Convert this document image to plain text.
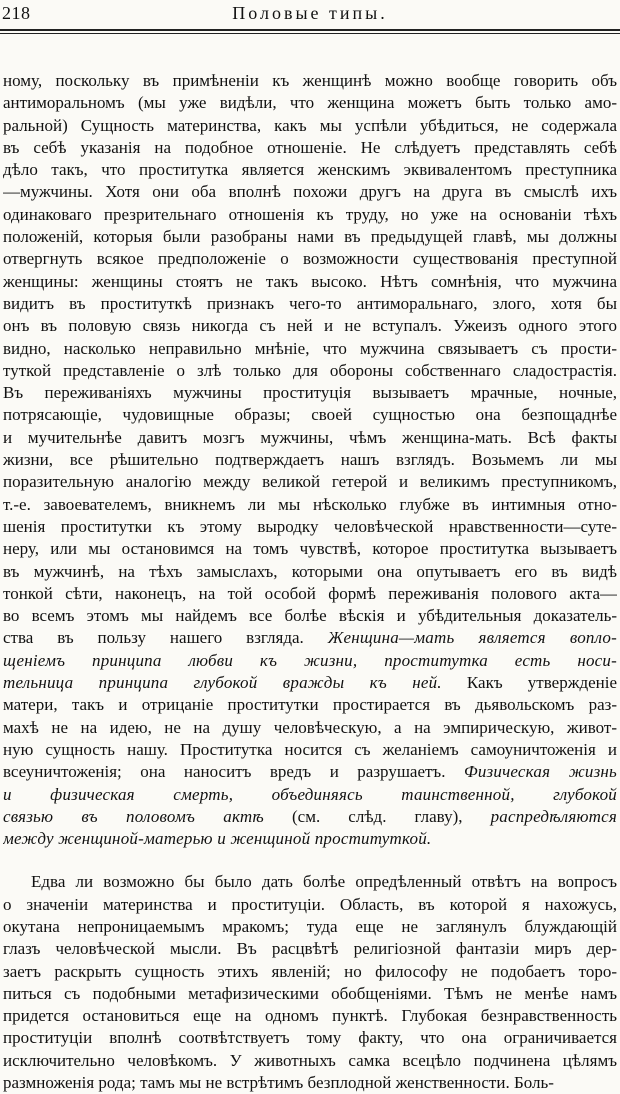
218	Половые типы.
ному, поскольку въ примѣненіи къ женщинѣ можно вообще говорить объ
антиморальномъ (мы уже видѣли, что женщина можетъ быть только амо-
ральной) Сущность материнства, какъ мы успѣли убѣдиться, не содержала
въ себѣ указанія на подобное отношеніе. Не слѣдуетъ представлять себѣ
дѣло такъ, что проститутка является женскимъ эквивалентомъ преступника
—мужчины. Хотя они оба вполнѣ похожи другъ на друга въ смыслѣ ихъ
одинаковаго презрительнаго отношенія къ труду, но уже на основаніи тѣхъ
положеній, которыя были разобраны нами въ предыдущей главѣ, мы должны
отвергнуть всякое предположеніе о возможности существованія преступной
женщины: женщины стоятъ не такъ высоко. Нѣтъ сомнѣнія, что мужчина
видитъ въ проституткѣ признакъ чего-то антиморальнаго, злого, хотя бы
онъ въ половую связь никогда съ ней и не вступалъ. Ужеизъ одного этого
видно, насколько неправильно мнѣніе, что мужчина связываетъ съ прости-
туткой представленіе о злѣ только для обороны собственнаго сладострастія.
Въ переживаніяхъ мужчины проституція вызываетъ мрачные, ночные,
потрясающіе, чудовищные образы; своей сущностью она безпощаднѣе
и мучительнѣе давитъ мозгъ мужчины, чѣмъ женщина-мать. Всѣ факты
жизни, все рѣшительно подтверждаетъ нашъ взглядъ. Возьмемъ ли мы
поразительную аналогію между великой гетерой и великимъ преступникомъ,
т.-е. завоевателемъ, вникнемъ ли мы нѣсколько глубже въ интимныя отно-
шенія проститутки къ этому выродку человѣческой нравственности—суте-
неру, или мы остановимся на томъ чувствѣ, которое проститутка вызываетъ
въ мужчинѣ, на тѣхъ замыслахъ, которыми она опутываетъ его въ видѣ
тонкой сѣти, наконецъ, на той особой формѣ переживанія полового акта—
во всемъ этомъ мы найдемъ все болѣе вѣскія и убѣдительныя доказатель-
ства въ пользу нашего взгляда. Женщина—мать является вопло-
щеніемъ принципа любви къ жизни, проститутка есть носи-
тельница принципа глубокой вражды къ ней. Какъ утвержденіе
матери, такъ и отрицаніе проститутки простирается въ дьявольскомъ раз-
махѣ не на идею, не на душу человѣческую, а на эмпирическую, живот-
ную сущность нашу. Проститутка носится съ желаніемъ самоуничтоженія и
всеуничтоженія; она наноситъ вредъ и разрушаетъ. Физическая жизнь
и физическая смерть, объединяясь таинственной, глубокой
связью въ половомъ актѣ (см. слѣд. главу), распредѣляются
между женщиной-матерью и женщиной проституткой.
Едва ли возможно бы было дать болѣе опредѣленный отвѣтъ на вопросъ
о значеніи материнства и проституціи. Область, въ которой я нахожусь,
окутана непроницаемымъ мракомъ; туда еще не заглянулъ блуждающій
глазъ человѣческой мысли. Въ расцвѣтѣ религіозной фантазіи миръ дер-
заетъ раскрыть сущность этихъ явленій; но философу не подобаетъ торо-
питься съ подобными метафизическими обобщеніями. Тѣмъ не менѣе намъ
придется остановиться еще на одномъ пунктѣ. Глубокая безнравственность
проституціи вполнѣ соотвѣтствуетъ тому факту, что она ограничивается
исключительно человѣкомъ. У животныхъ самка всецѣло подчинена цѣлямъ
размноженія рода; тамъ мы не встрѣтимъ безплодной женственности. Боль-
